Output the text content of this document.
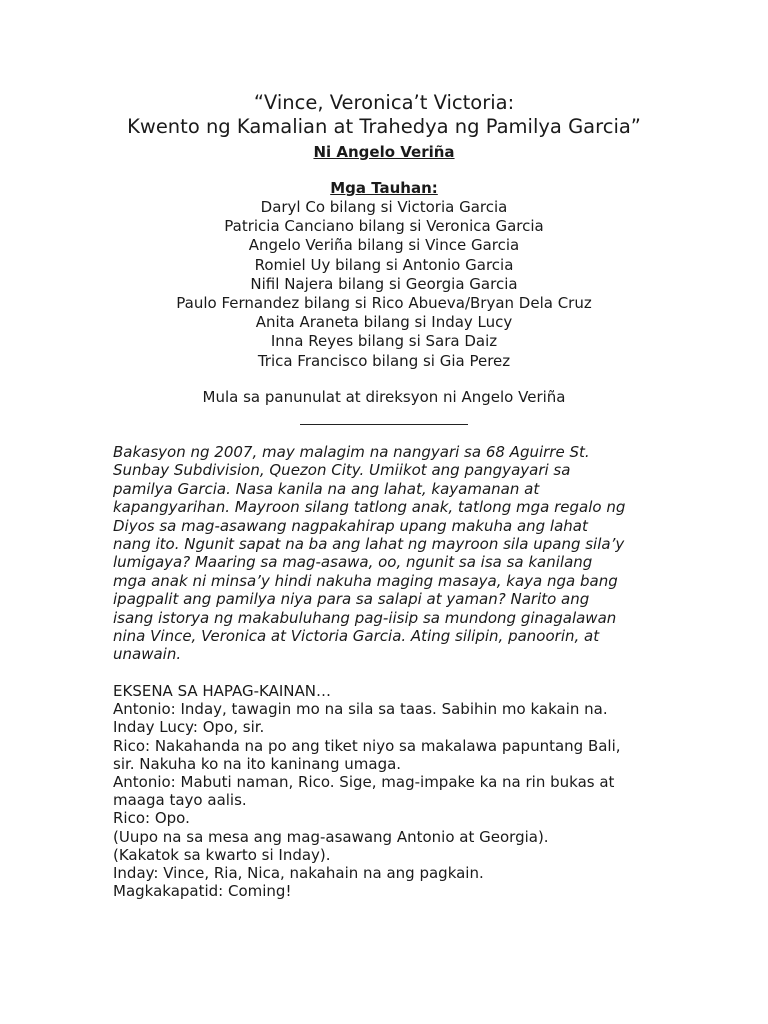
“Vince, Veronica’t Victoria:
Kwento ng Kamalian at Trahedya ng Pamilya Garcia”
Ni Angelo Veriña
Mga Tauhan:
Daryl Co bilang si Victoria Garcia
Patricia Canciano bilang si Veronica Garcia
Angelo Veriña bilang si Vince Garcia
Romiel Uy bilang si Antonio Garcia
Nifil Najera bilang si Georgia Garcia
Paulo Fernandez bilang si Rico Abueva/Bryan Dela Cruz
Anita Araneta bilang si Inday Lucy
Inna Reyes bilang si Sara Daiz
Trica Francisco bilang si Gia Perez
Mula sa panunulat at direksyon ni Angelo Veriña
Bakasyon ng 2007, may malagim na nangyari sa 68 Aguirre St.
Sunbay Subdivision, Quezon City. Umiikot ang pangyayari sa
pamilya Garcia. Nasa kanila na ang lahat, kayamanan at
kapangyarihan. Mayroon silang tatlong anak, tatlong mga regalo ng
Diyos sa mag-asawang nagpakahirap upang makuha ang lahat
nang ito. Ngunit sapat na ba ang lahat ng mayroon sila upang sila’y
lumigaya? Maaring sa mag-asawa, oo, ngunit sa isa sa kanilang
mga anak ni minsa’y hindi nakuha maging masaya, kaya nga bang
ipagpalit ang pamilya niya para sa salapi at yaman? Narito ang
isang istorya ng makabuluhang pag-iisip sa mundong ginagalawan
nina Vince, Veronica at Victoria Garcia. Ating silipin, panoorin, at
unawain.
EKSENA SA HAPAG-KAINAN…
Antonio: Inday, tawagin mo na sila sa taas. Sabihin mo kakain na.
Inday Lucy: Opo, sir.
Rico: Nakahanda na po ang tiket niyo sa makalawa papuntang Bali,
sir. Nakuha ko na ito kaninang umaga.
Antonio: Mabuti naman, Rico. Sige, mag-impake ka na rin bukas at
maaga tayo aalis.
Rico: Opo.
(Uupo na sa mesa ang mag-asawang Antonio at Georgia).
(Kakatok sa kwarto si Inday).
Inday: Vince, Ria, Nica, nakahain na ang pagkain.
Magkakapatid: Coming!
